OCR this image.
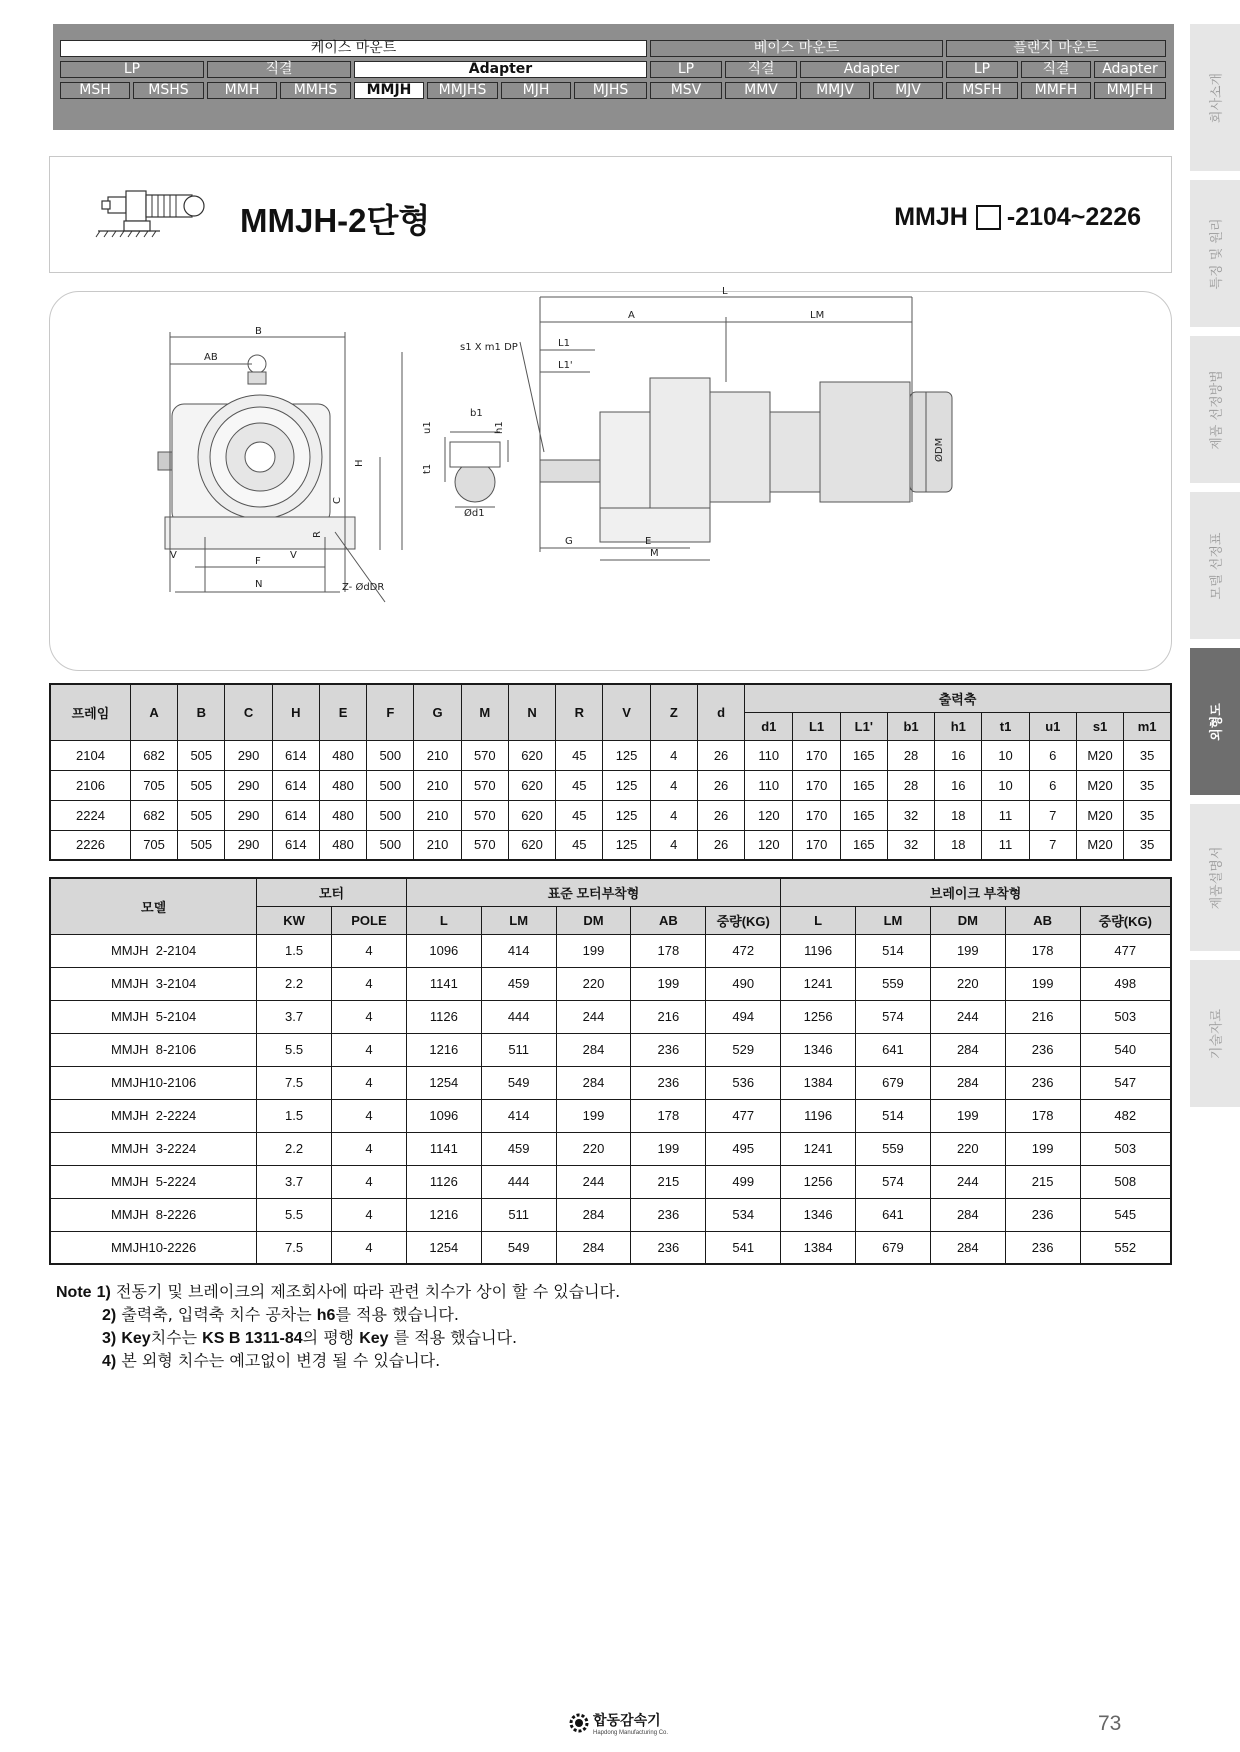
케이스 마운트	베이스 마운트	플랜지 마운트
LP	직결	Adapter	LP	직결	Adapter	LP	직결	Adapter
MSH	MSHS	MMH	MMHS	MMJH	MMJHS	MJH	MJHS	MSV	MMV	MMJV	MJV	MSFH	MMFH	MMJFH	회사소개
특징 및 원리
제품 선정방법
모델 선정표
외형도
제품설명서
기술자료
MMJH-2단형	MMJH -2104~2226
B
AB
H
C
R
V	V
F
N	Z- ØdDR
b1
u1
t1
h1
Ød1
L
A	LM
L1
L1'
s1 X m1 DP
ØDM
G	E
M
프레임	A	B	C	H	E	F	G	M	N	R	V	Z	d	출력축								
														d1	L1	L1'	b1	h1	t1	u1	s1	m1
2104	682	505	290	614	480	500	210	570	620	45	125	4	26	110	170	165	28	16	10	6	M20	35
2106	705	505	290	614	480	500	210	570	620	45	125	4	26	110	170	165	28	16	10	6	M20	35
2224	682	505	290	614	480	500	210	570	620	45	125	4	26	120	170	165	32	18	11	7	M20	35
2226	705	505	290	614	480	500	210	570	620	45	125	4	26	120	170	165	32	18	11	7	M20	35
모델	모터		표준 모터부착형					브레이크 부착형				
	KW	POLE	L	LM	DM	AB	중량(KG)	L	LM	DM	AB	중량(KG)
MMJH  2-2104	1.5	4	1096	414	199	178	472	1196	514	199	178	477
MMJH  3-2104	2.2	4	1141	459	220	199	490	1241	559	220	199	498
MMJH  5-2104	3.7	4	1126	444	244	216	494	1256	574	244	216	503
MMJH  8-2106	5.5	4	1216	511	284	236	529	1346	641	284	236	540
MMJH10-2106	7.5	4	1254	549	284	236	536	1384	679	284	236	547
MMJH  2-2224	1.5	4	1096	414	199	178	477	1196	514	199	178	482
MMJH  3-2224	2.2	4	1141	459	220	199	495	1241	559	220	199	503
MMJH  5-2224	3.7	4	1126	444	244	215	499	1256	574	244	215	508
MMJH  8-2226	5.5	4	1216	511	284	236	534	1346	641	284	236	545
MMJH10-2226	7.5	4	1254	549	284	236	541	1384	679	284	236	552
Note 1) 전동기 및 브레이크의 제조회사에 따라 관련 치수가 상이 할 수 있습니다.
2) 출력축, 입력축 치수 공차는 h6를 적용 했습니다.
3) Key치수는 KS B 1311-84의 평행 Key 를 적용 했습니다.
4) 본 외형 치수는 예고없이 변경 될 수 있습니다.
합동감속기
Hapdong Manufacturing Co.	73
